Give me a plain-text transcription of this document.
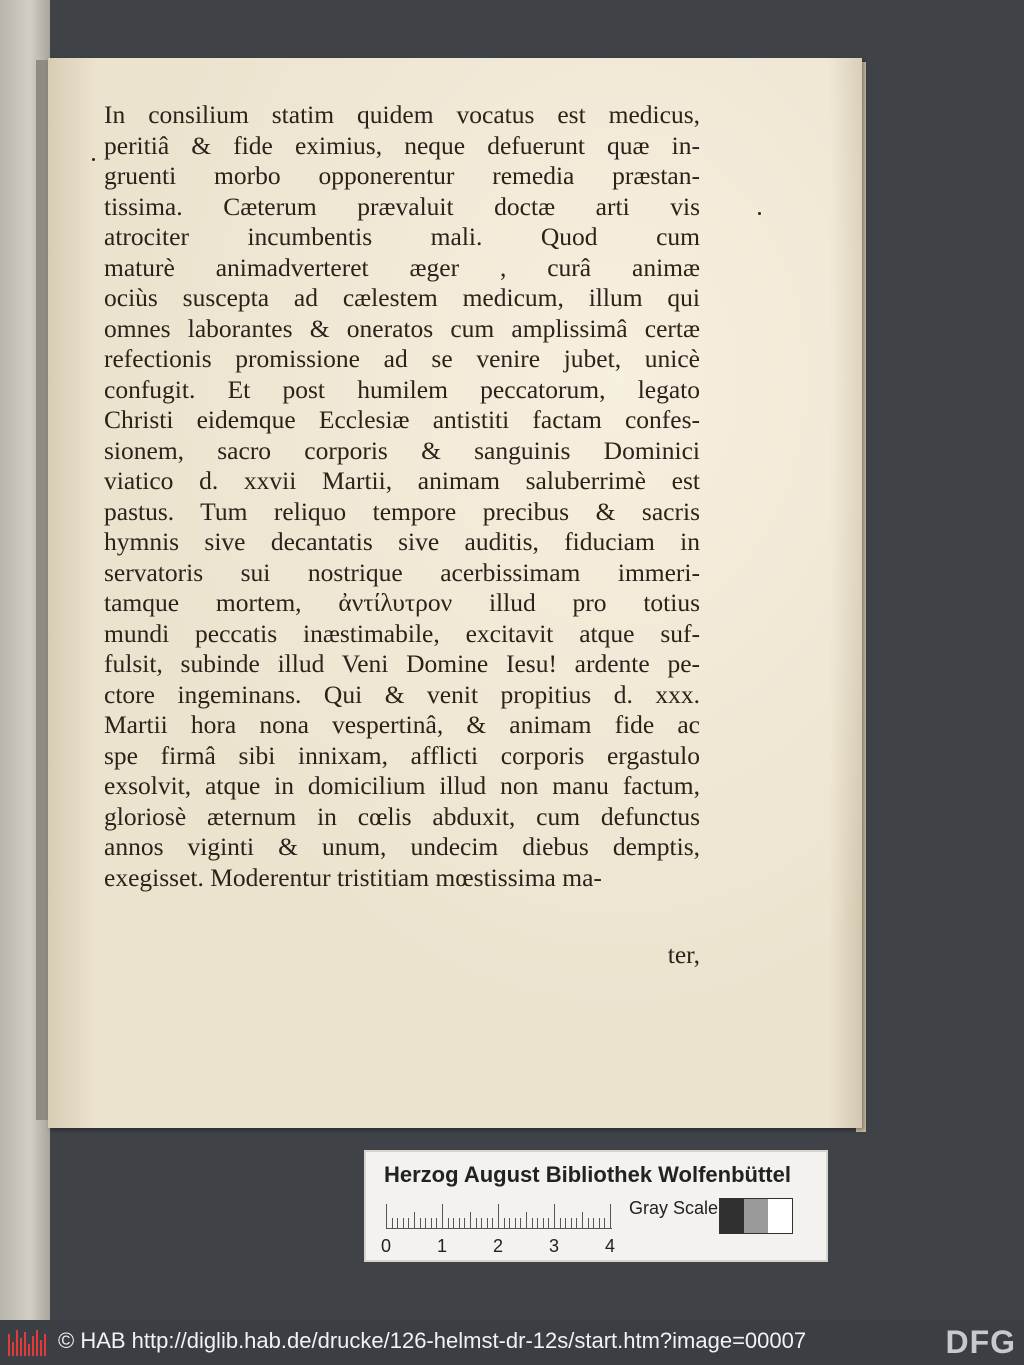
In consilium statim quidem vocatus est medicus,
peritiâ & fide eximius, neque defuerunt quæ in-
gruenti morbo opponerentur remedia præstan-
tissima. Cæterum prævaluit doctæ arti vis
atrociter incumbentis mali. Quod cum
maturè animadverteret æger , curâ animæ
ociùs suscepta ad cælestem medicum, illum qui
omnes laborantes & oneratos cum amplissimâ certæ
refectionis promissione ad se venire jubet, unicè
confugit. Et post humilem peccatorum, legato
Christi eidemque Ecclesiæ antistiti factam confes-
sionem, sacro corporis & sanguinis Dominici
viatico d. xxvii Martii, animam saluberrimè est
pastus. Tum reliquo tempore precibus & sacris
hymnis sive decantatis sive auditis, fiduciam in
servatoris sui nostrique acerbissimam immeri-
tamque mortem, ἀντίλυτρον illud pro totius
mundi peccatis inæstimabile, excitavit atque suf-
fulsit, subinde illud Veni Domine Iesu! ardente pe-
ctore ingeminans. Qui & venit propitius d. xxx.
Martii hora nona vespertinâ, & animam fide ac
spe firmâ sibi innixam, afflicti corporis ergastulo
exsolvit, atque in domicilium illud non manu factum,
gloriosè æternum in cœlis abduxit, cum defunctus
annos viginti & unum, undecim diebus demptis,
exegisset. Moderentur tristitiam mœstissima ma-
ter,
Herzog August Bibliothek Wolfenbüttel
0	1	2	3	4
Gray Scale
© HAB http://diglib.hab.de/drucke/126-helmst-dr-12s/start.htm?image=00007	DFG
